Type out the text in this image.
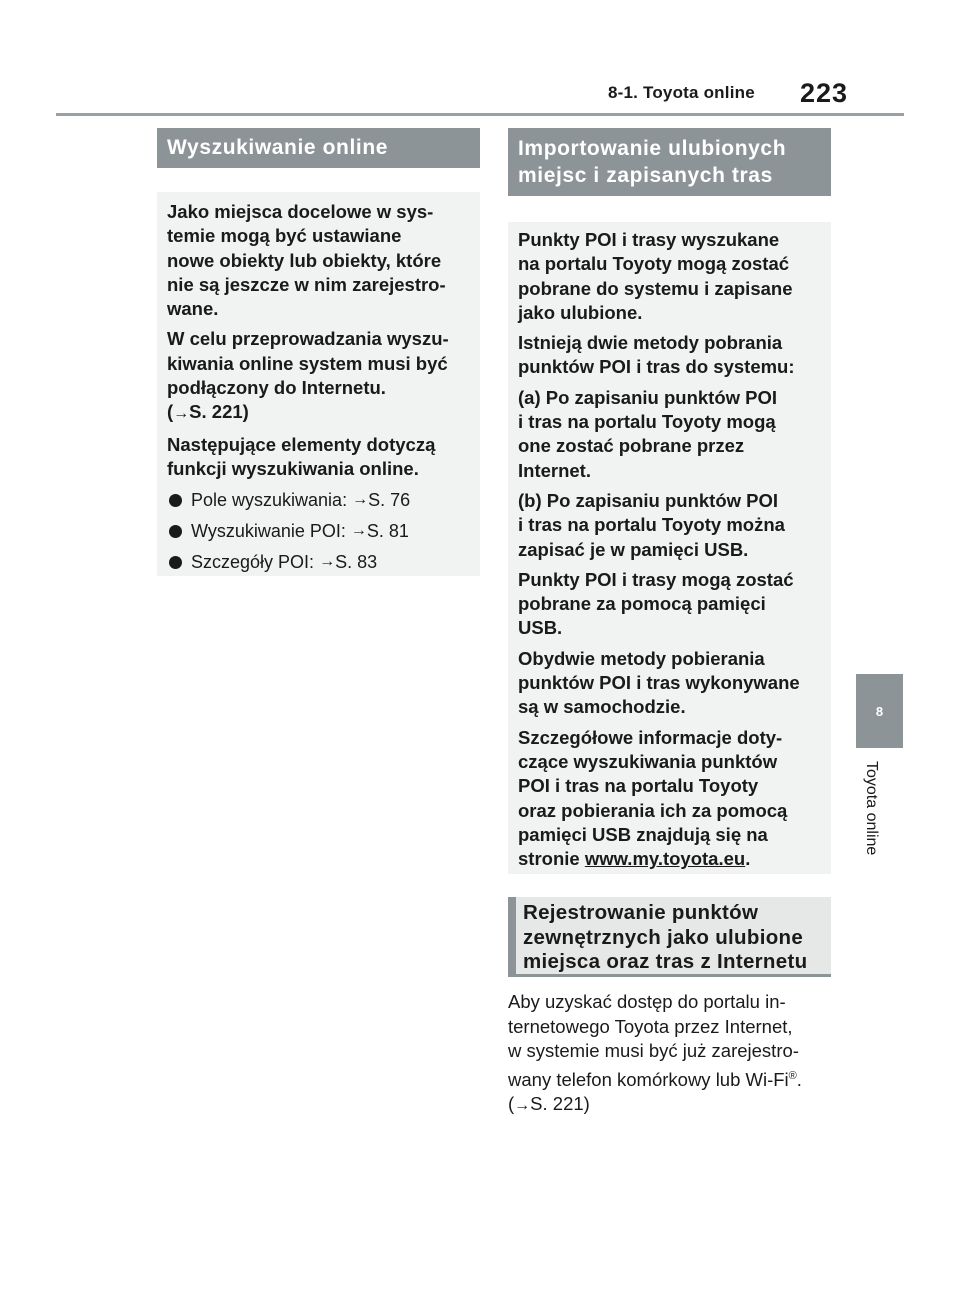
8-1. Toyota online 223
Wyszukiwanie online

Jako miejsca docelowe w sys-
temie mogą być ustawiane
nowe obiekty lub obiekty, które
nie są jeszcze w nim zarejestro-
wane.

W celu przeprowadzania wyszu-
kiwania online system musi być
podłączony do Internetu.
(→S. 221)

Następujące elementy dotyczą
funkcji wyszukiwania online.

Pole wyszukiwania:
→ S. 76
Wyszukiwanie POI:
→ S. 81
Szczegóły POI:
→ S. 83
Importowanie ulubionych
miejsc i zapisanych tras

Punkty POI i trasy wyszukane
na portalu Toyoty mogą zostać
pobrane do systemu i zapisane
jako ulubione.

Istnieją dwie metody pobrania
punktów POI i tras do systemu:

(a) Po zapisaniu punktów POI
i tras na portalu Toyoty mogą
one zostać pobrane przez
Internet.

(b) Po zapisaniu punktów POI
i tras na portalu Toyoty można
zapisać je w pamięci USB.

Punkty POI i trasy mogą zostać
pobrane za pomocą pamięci
USB.

Obydwie metody pobierania
punktów POI i tras wykonywane
są w samochodzie.

Szczegółowe informacje doty-
czące wyszukiwania punktów
POI i tras na portalu Toyoty
oraz pobierania ich za pomocą
pamięci USB znajdują się na
stronie www.my.toyota.eu.

Rejestrowanie punktów
zewnętrznych jako ulubione
miejsca oraz tras z Internetu
Aby uzyskać dostęp do portalu in-
ternetowego Toyota przez Internet,
w systemie musi być już zarejestro-
wany telefon komórkowy lub Wi-Fi®.
(→S. 221)
8
Toyota online
